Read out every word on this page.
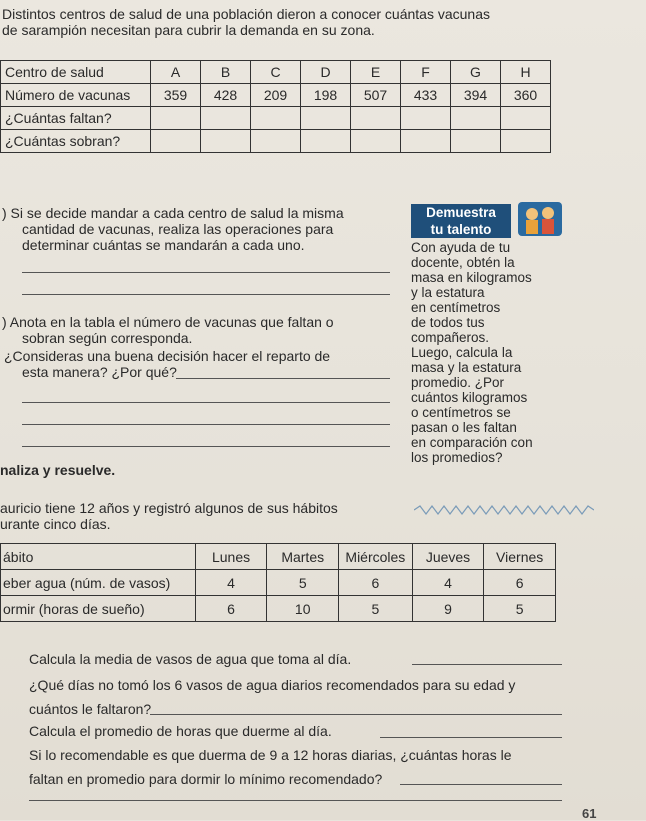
Distintos centros de salud de una población dieron a conocer cuántas vacunas
de sarampión necesitan para cubrir la demanda en su zona.
Centro de salud	A	B	C	D	E	F	G	H
Número de vacunas	359	428	209	198	507	433	394	360
¿Cuántas faltan?								
¿Cuántas sobran?								
) Si se decide mandar a cada centro de salud la misma
cantidad de vacunas, realiza las operaciones para
determinar cuántas se mandarán a cada uno.
) Anota en la tabla el número de vacunas que faltan o
sobran según corresponda.
¿Consideras una buena decisión hacer el reparto de
esta manera? ¿Por qué?
Demuestra
tu talento
Con ayuda de tu
docente, obtén la
masa en kilogramos
y la estatura
en centímetros
de todos tus
compañeros.
Luego, calcula la
masa y la estatura
promedio. ¿Por
cuántos kilogramos
o centímetros se
pasan o les faltan
en comparación con
los promedios?
naliza y resuelve.
auricio tiene 12 años y registró algunos de sus hábitos
urante cinco días.
ábito	Lunes	Martes	Miércoles	Jueves	Viernes
eber agua (núm. de vasos)	4	5	6	4	6
ormir (horas de sueño)	6	10	5	9	5
Calcula la media de vasos de agua que toma al día.
¿Qué días no tomó los 6 vasos de agua diarios recomendados para su edad y
cuántos le faltaron?
Calcula el promedio de horas que duerme al día.
Si lo recomendable es que duerma de 9 a 12 horas diarias, ¿cuántas horas le
faltan en promedio para dormir lo mínimo recomendado?
61
